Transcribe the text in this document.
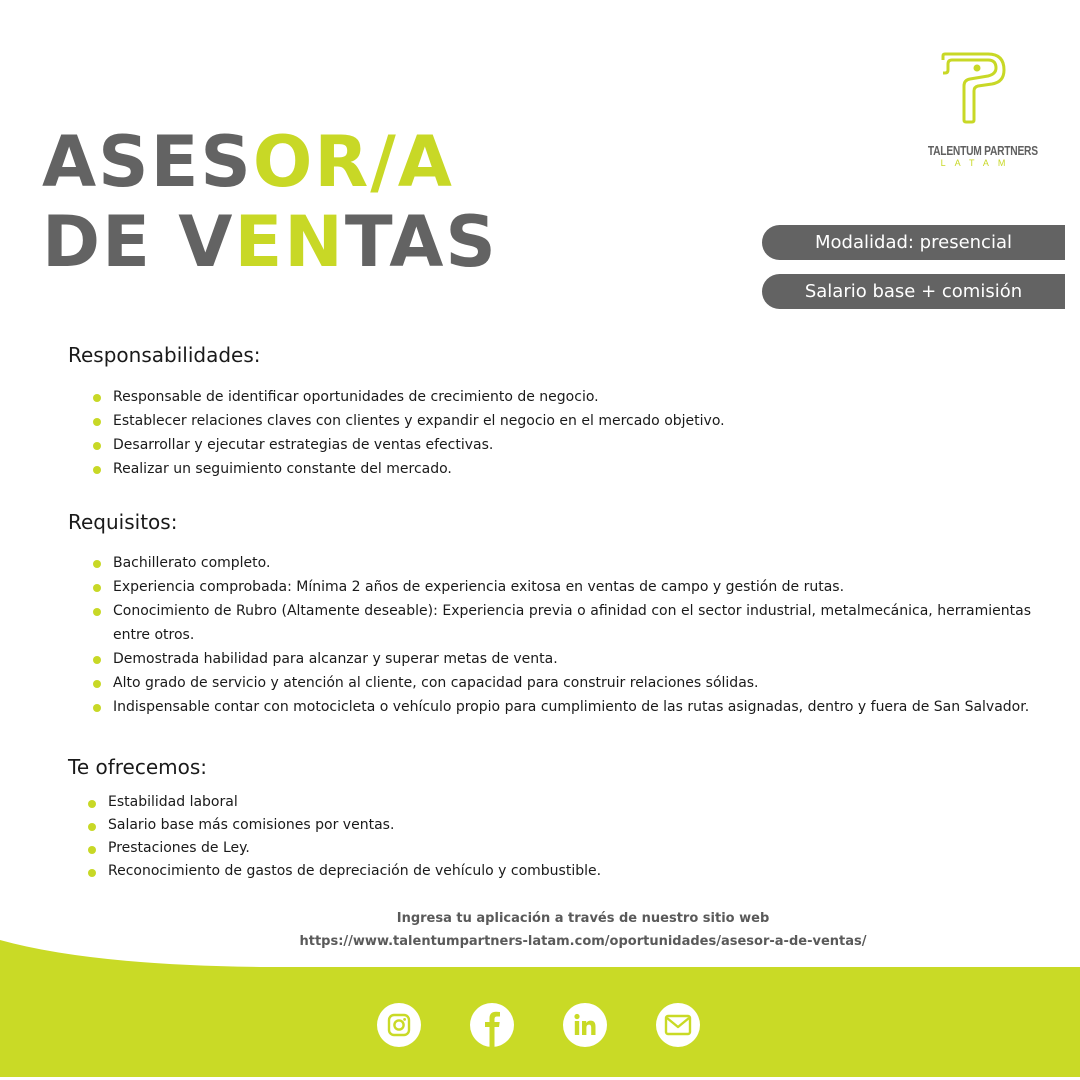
TALENTUM PARTNERS
LATAM
ASESOR/A
DE VENTAS	Modalidad: presencial
Salario base + comisión
Responsabilidades:
Responsable de identificar oportunidades de crecimiento de negocio.
Establecer relaciones claves con clientes y expandir el negocio en el mercado objetivo.
Desarrollar y ejecutar estrategias de ventas efectivas.
Realizar un seguimiento constante del mercado.
Requisitos:
Bachillerato completo.
Experiencia comprobada: Mínima 2 años de experiencia exitosa en ventas de campo y gestión de rutas.
Conocimiento de Rubro (Altamente deseable): Experiencia previa o afinidad con el sector industrial, metalmecánica, herramientas entre otros.
Demostrada habilidad para alcanzar y superar metas de venta.
Alto grado de servicio y atención al cliente, con capacidad para construir relaciones sólidas.
Indispensable contar con motocicleta o vehículo propio para cumplimiento de las rutas asignadas, dentro y fuera de San Salvador.
Te ofrecemos:
Estabilidad laboral
Salario base más comisiones por ventas.
Prestaciones de Ley.
Reconocimiento de gastos de depreciación de vehículo y combustible.
Ingresa tu aplicación a través de nuestro sitio web
https://www.talentumpartners-latam.com/oportunidades/asesor-a-de-ventas/
